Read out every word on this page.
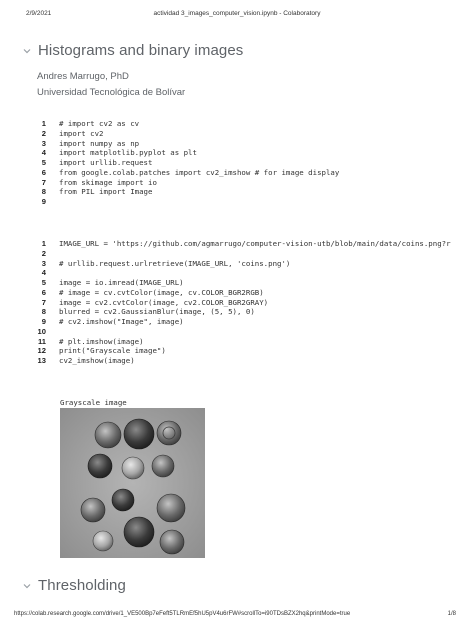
2/9/2021	actividad 3_images_computer_vision.ipynb - Colaboratory
Histograms and binary images
Andres Marrugo, PhD
Universidad Tecnológica de Bolívar
1 # import cv2 as cv
2 import cv2
3 import numpy as np
4 import matplotlib.pyplot as plt
5 import urllib.request
6 from google.colab.patches import cv2_imshow # for image display
7 from skimage import io
8 from PIL import Image
9
1 IMAGE_URL = 'https://github.com/agmarrugo/computer-vision-utb/blob/main/data/coins.png?r
2
3 # urllib.request.urlretrieve(IMAGE_URL, 'coins.png')
4
5 image = io.imread(IMAGE_URL)
6 # image = cv.cvtColor(image, cv.COLOR_BGR2RGB)
7 image = cv2.cvtColor(image, cv2.COLOR_BGR2GRAY)
8 blurred = cv2.GaussianBlur(image, (5, 5), 0)
9 # cv2.imshow("Image", image)
10
11 # plt.imshow(image)
12 print("Grayscale image")
13 cv2_imshow(image)
Grayscale image
Thresholding
https://colab.research.google.com/drive/1_VE500Bp7eFeft5TLRmEf5hU5pV4u6rFW#scrollTo=i90TDsBZX2hq&printMode=true	1/8
